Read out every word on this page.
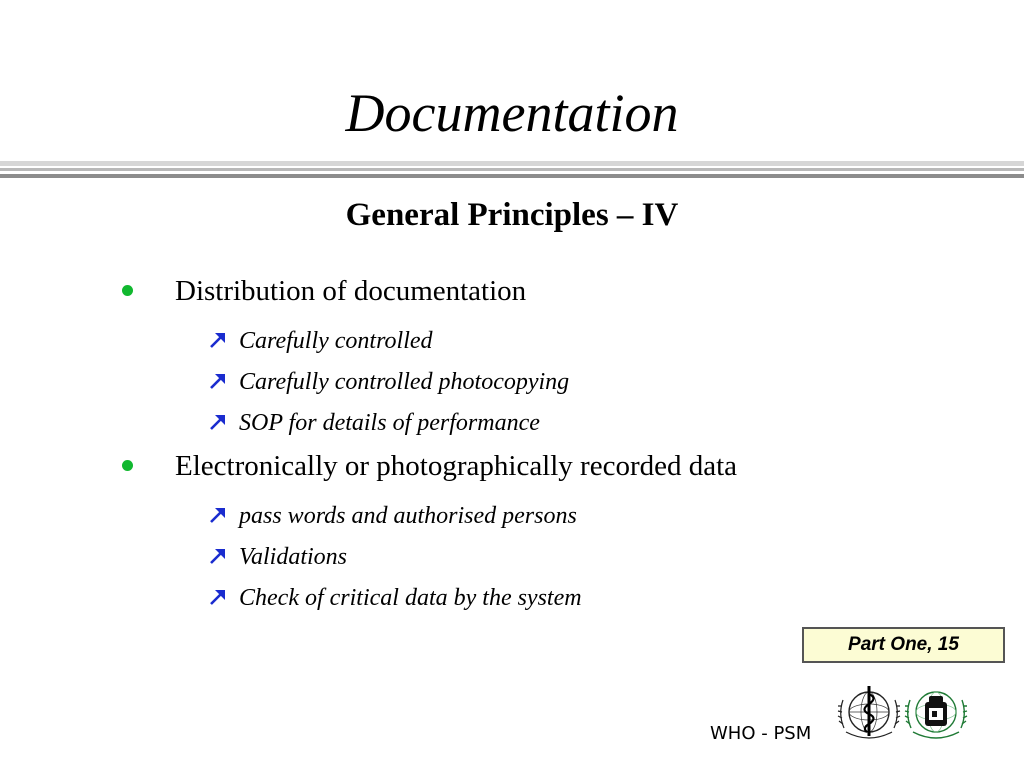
Documentation
General Principles – IV
Distribution of documentation
Carefully controlled
Carefully controlled photocopying
SOP for details of performance
Electronically or photographically recorded data
pass words and authorised persons
Validations
Check of critical data by the system
Part One, 15
WHO - PSM
